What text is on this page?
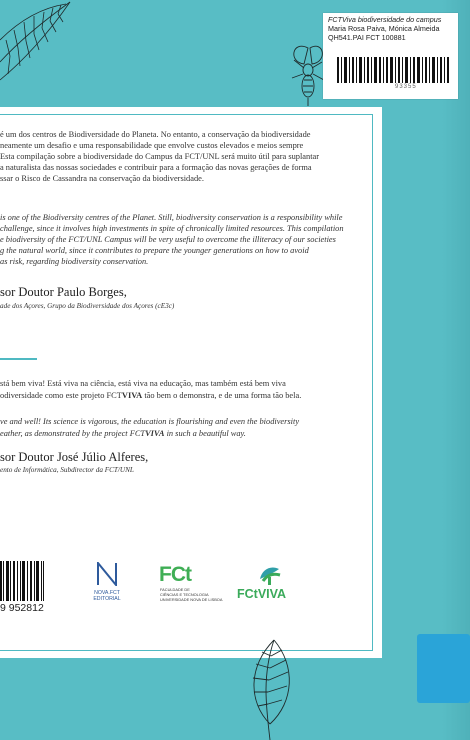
FCTViva biodiversidade do campus
Maria Rosa Paiva, Mónica Almeida
QH541.PAI FCT 100881
93355
é um dos centros de Biodiversidade do Planeta. No entanto, a conservação da biodiversidade
neamente um desafio e uma responsabilidade que envolve custos elevados e meios sempre
Esta compilação sobre a biodiversidade do Campus da FCT/UNL será muito útil para suplantar
a naturalista das nossas sociedades e contribuir para a formação das novas gerações de forma
ssar o Risco de Cassandra na conservação da biodiversidade.
is one of the Biodiversity centres of the Planet. Still, biodiversity conservation is a responsibility while
challenge, since it involves high investments in spite of chronically limited resources. This compilation
e biodiversity of the FCT/UNL Campus will be very useful to overcome the illiteracy of our societies
g the natural world, since it contributes to prepare the younger generations on how to avoid
as risk, regarding biodiversity conservation.
sor Doutor Paulo Borges,
ade dos Açores, Grupo da Biodiversidade dos Açores (cE3c)
stá bem viva! Está viva na ciência, está viva na educação, mas também está bem viva
odiversidade como este projeto FCTVIVA tão bem o demonstra, e de uma forma tão bela.
ve and well! Its science is vigorous, the education is flourishing and even the biodiversity
eather, as demonstrated by the project FCTVIVA in such a beautiful way.
sor Doutor José Júlio Alferes,
ento de Informática, Subdirector da FCT/UNL
9 952812
NOVA.FCT
EDITORIAL
FCt
FACULDADE DE
CIÊNCIAS E TECNOLOGIA
UNIVERSIDADE NOVA DE LISBOA FCtVIVA
